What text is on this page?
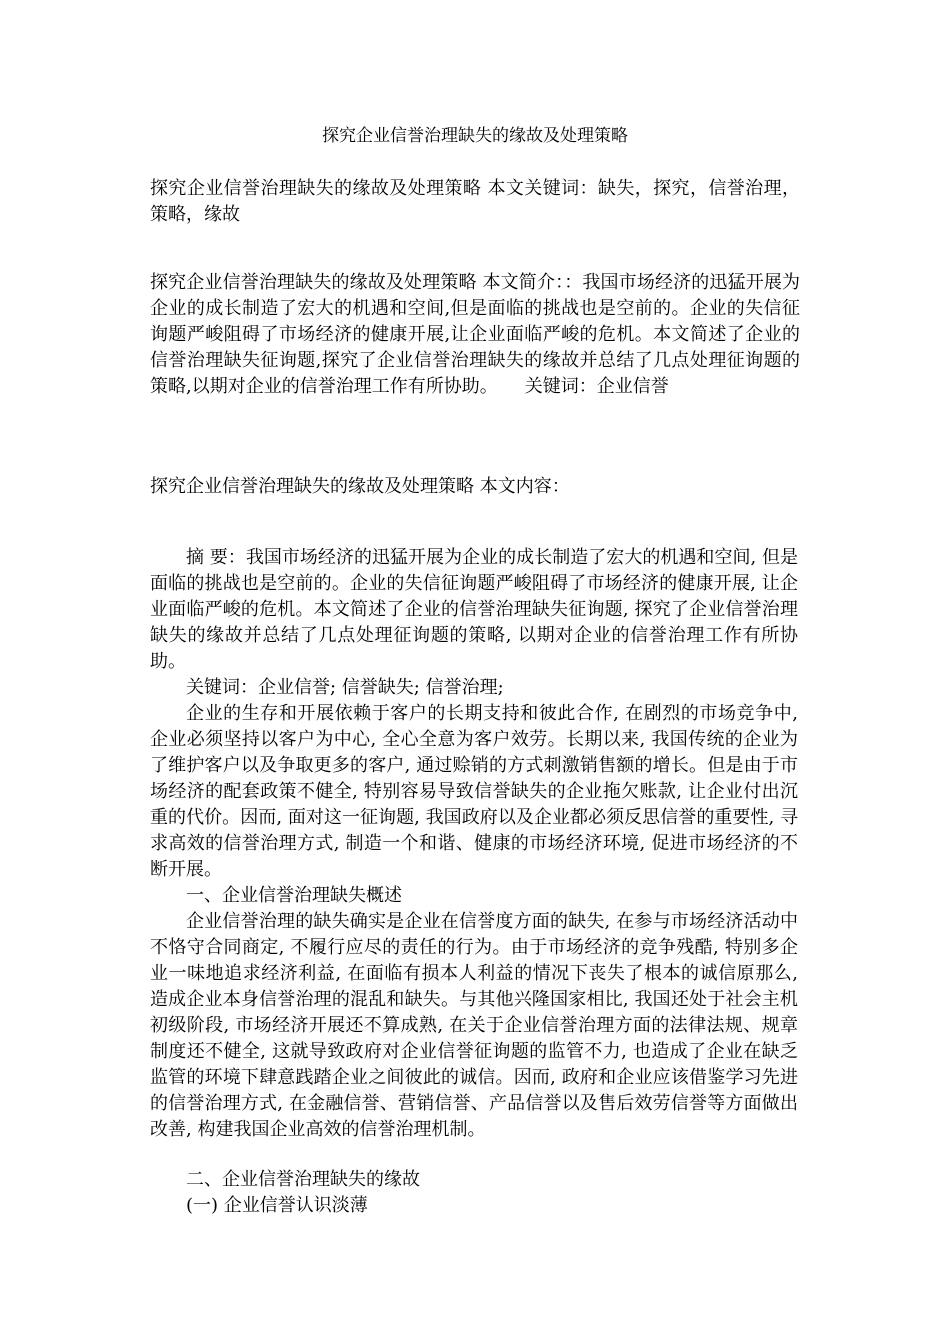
探究企业信誉治理缺失的缘故及处理策略

探究企业信誉治理缺失的缘故及处理策略 本文关键词：缺失，探究，信誉治理，策略，缘故

探究企业信誉治理缺失的缘故及处理策略 本文简介：：我国市场经济的迅猛开展为企业的成长制造了宏大的机遇和空间,但是面临的挑战也是空前的。企业的失信征询题严峻阻碍了市场经济的健康开展,让企业面临严峻的危机。本文简述了企业的信誉治理缺失征询题,探究了企业信誉治理缺失的缘故并总结了几点处理征询题的策略,以期对企业的信誉治理工作有所协助。　　关键词：企业信誉

探究企业信誉治理缺失的缘故及处理策略 本文内容：

摘 要：我国市场经济的迅猛开展为企业的成长制造了宏大的机遇和空间, 但是面临的挑战也是空前的。企业的失信征询题严峻阻碍了市场经济的健康开展, 让企业面临严峻的危机。本文简述了企业的信誉治理缺失征询题, 探究了企业信誉治理缺失的缘故并总结了几点处理征询题的策略, 以期对企业的信誉治理工作有所协助。

关键词：企业信誉; 信誉缺失; 信誉治理;

企业的生存和开展依赖于客户的长期支持和彼此合作, 在剧烈的市场竞争中, 企业必须坚持以客户为中心, 全心全意为客户效劳。长期以来, 我国传统的企业为了维护客户以及争取更多的客户, 通过赊销的方式刺激销售额的增长。但是由于市场经济的配套政策不健全, 特别容易导致信誉缺失的企业拖欠账款, 让企业付出沉重的代价。因而, 面对这一征询题, 我国政府以及企业都必须反思信誉的重要性, 寻求高效的信誉治理方式, 制造一个和谐、健康的市场经济环境, 促进市场经济的不断开展。

一、企业信誉治理缺失概述

企业信誉治理的缺失确实是企业在信誉度方面的缺失, 在参与市场经济活动中不恪守合同商定, 不履行应尽的责任的行为。由于市场经济的竞争残酷, 特别多企业一味地追求经济利益, 在面临有损本人利益的情况下丧失了根本的诚信原那么, 造成企业本身信誉治理的混乱和缺失。与其他兴隆国家相比, 我国还处于社会主机初级阶段, 市场经济开展还不算成熟, 在关于企业信誉治理方面的法律法规、规章制度还不健全, 这就导致政府对企业信誉征询题的监管不力, 也造成了企业在缺乏监管的环境下肆意践踏企业之间彼此的诚信。因而, 政府和企业应该借鉴学习先进的信誉治理方式, 在金融信誉、营销信誉、产品信誉以及售后效劳信誉等方面做出改善, 构建我国企业高效的信誉治理机制。

二、企业信誉治理缺失的缘故

(一) 企业信誉认识淡薄
